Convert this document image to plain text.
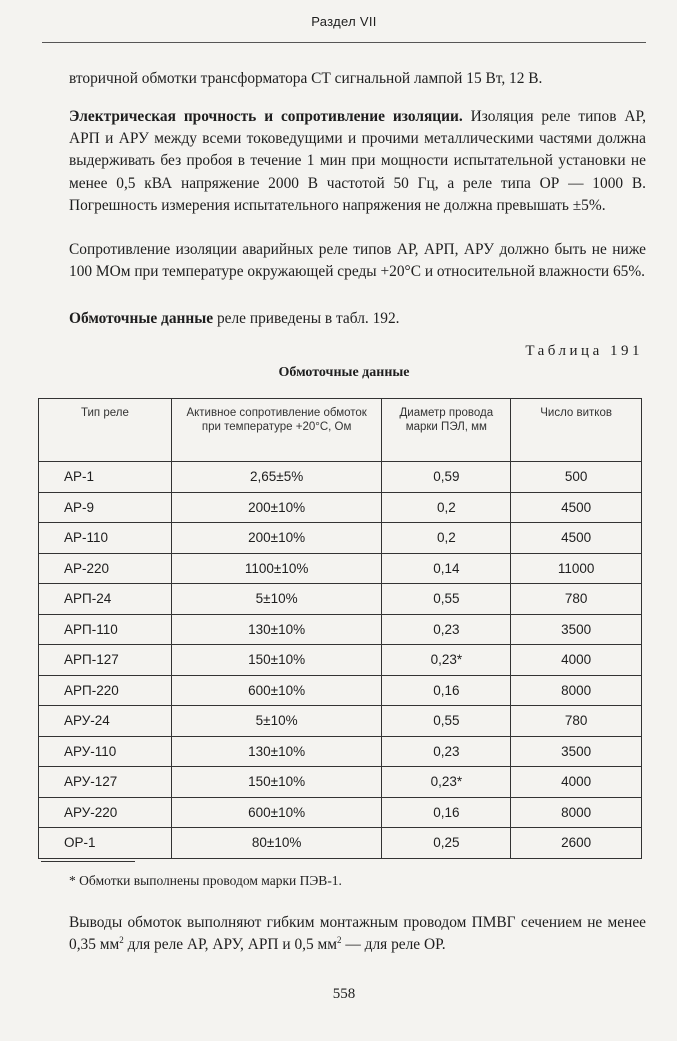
Раздел VII

вторичной обмотки трансформатора СТ сигнальной лампой 15 Вт, 12 В.

Электрическая прочность и сопротивление изоляции. Изоляция реле типов АР, АРП и АРУ между всеми токоведущими и прочими металлическими частями должна выдерживать без пробоя в течение 1 мин при мощности испытательной установки не менее 0,5 кВА напряжение 2000 В частотой 50 Гц, а реле типа ОР — 1000 В. Погрешность измерения испытательного напряжения не должна превышать ±5%.

Сопротивление изоляции аварийных реле типов АР, АРП, АРУ должно быть не ниже 100 МОм при температуре окружающей среды +20°С и относительной влажности 65%.

Обмоточные данные реле приведены в табл. 192.

Таблица 191
Обмоточные данные
Тип реле	Активное сопротивление обмоток при температуре +20°С, Ом	Диаметр провода марки ПЭЛ, мм	Число витков
АР-1	2,65±5%	0,59	500
АР-9	200±10%	0,2	4500
АР-110	200±10%	0,2	4500
АР-220	1100±10%	0,14	11000
АРП-24	5±10%	0,55	780
АРП-110	130±10%	0,23	3500
АРП-127	150±10%	0,23*	4000
АРП-220	600±10%	0,16	8000
АРУ-24	5±10%	0,55	780
АРУ-110	130±10%	0,23	3500
АРУ-127	150±10%	0,23*	4000
АРУ-220	600±10%	0,16	8000
ОР-1	80±10%	0,25	2600
* Обмотки выполнены проводом марки ПЭВ-1.

Выводы обмоток выполняют гибким монтажным проводом ПМВГ сечением не менее 0,35 $мм^2$ для реле АР, АРУ, АРП и 0,5 $мм^2$ — для реле ОР.

558
